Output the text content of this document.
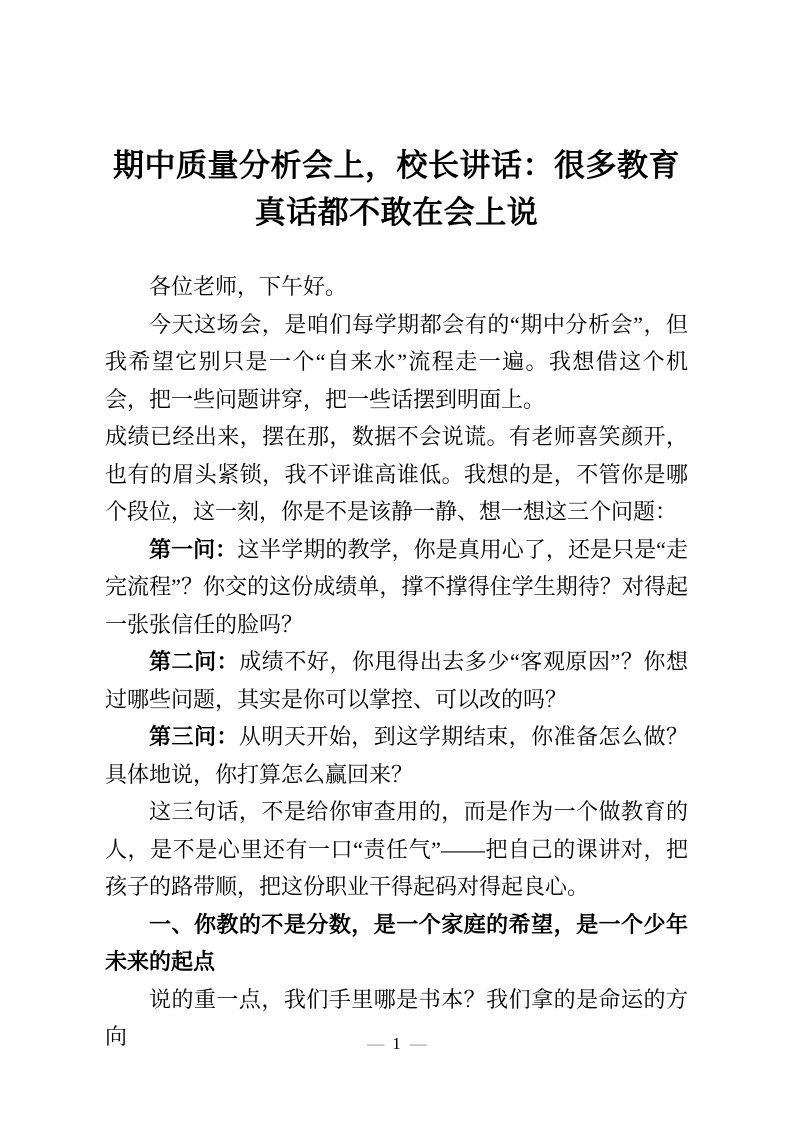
期中质量分析会上，校长讲话：很多教育真话都不敢在会上说

各位老师，下午好。

今天这场会，是咱们每学期都会有的“期中分析会”，但我希望它别只是一个“自来水”流程走一遍。我想借这个机会，把一些问题讲穿，把一些话摆到明面上。

成绩已经出来，摆在那，数据不会说谎。有老师喜笑颜开，也有的眉头紧锁，我不评谁高谁低。我想的是，不管你是哪个段位，这一刻，你是不是该静一静、想一想这三个问题：

第一问：这半学期的教学，你是真用心了，还是只是“走完流程”？你交的这份成绩单，撑不撑得住学生期待？对得起一张张信任的脸吗？

第二问：成绩不好，你甩得出去多少“客观原因”？你想过哪些问题，其实是你可以掌控、可以改的吗？

第三问：从明天开始，到这学期结束，你准备怎么做？具体地说，你打算怎么赢回来？

这三句话，不是给你审查用的，而是作为一个做教育的人，是不是心里还有一口“责任气”——把自己的课讲对，把孩子的路带顺，把这份职业干得起码对得起良心。

一、你教的不是分数，是一个家庭的希望，是一个少年未来的起点

说的重一点，我们手里哪是书本？我们拿的是命运的方向	— 1 —
